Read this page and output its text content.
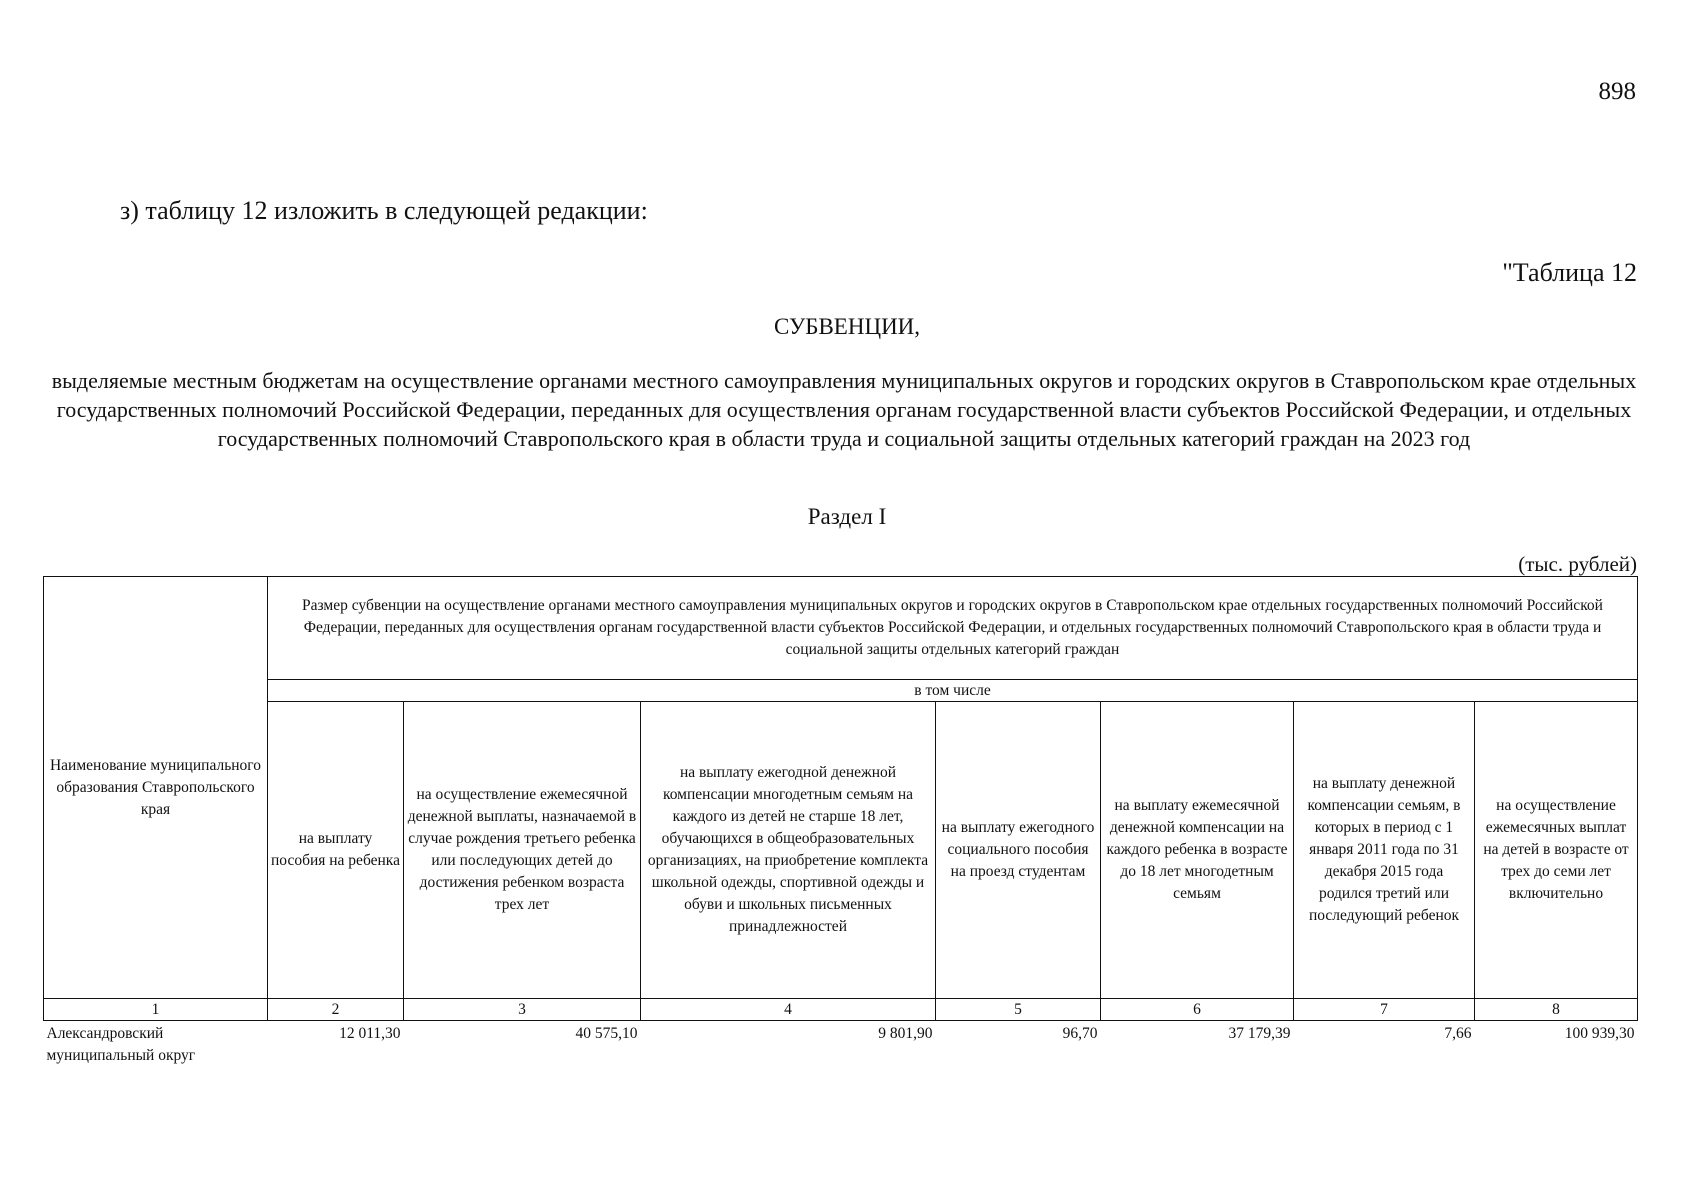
898
з) таблицу 12 изложить в следующей редакции:
"Таблица 12
СУБВЕНЦИИ,
выделяемые местным бюджетам на осуществление органами местного самоуправления муниципальных округов и городских округов в Ставропольском крае отдельных государственных полномочий Российской Федерации, переданных для осуществления органам государственной власти субъектов Российской Федерации, и отдельных государственных полномочий Ставропольского края в области труда и социальной защиты отдельных категорий граждан на 2023 год
Раздел I
(тыс. рублей)
Наименование муниципального образования Ставропольского края	Размер субвенции на осуществление органами местного самоуправления муниципальных округов и городских округов в Ставропольском крае отдельных государственных полномочий Российской Федерации, переданных для осуществления органам государственной власти субъектов Российской Федерации, и отдельных государственных полномочий Ставропольского края в области труда и социальной защиты отдельных категорий граждан						
	в том числе						
	на выплату пособия на ребенка	на осуществление ежемесячной денежной выплаты, назначаемой в случае рождения третьего ребенка или последующих детей до достижения ребенком возраста трех лет	на выплату ежегодной денежной компенсации многодетным семьям на каждого из детей не старше 18 лет, обучающихся в общеобразовательных организациях, на приобретение комплекта школьной одежды, спортивной одежды и обуви и школьных письменных принадлежностей	на выплату ежегодного социального пособия на проезд студентам	на выплату ежемесячной денежной компенсации на каждого ребенка в возрасте до 18 лет многодетным семьям	на выплату денежной компенсации семьям, в которых в период с 1 января 2011 года по 31 декабря 2015 года родился третий или последующий ребенок	на осуществление ежемесячных выплат на детей в возрасте от трех до семи лет включительно
1	2	3	4	5	6	7	8
Александровский муниципальный округ	12 011,30	40 575,10	9 801,90	96,70	37 179,39	7,66	100 939,30
